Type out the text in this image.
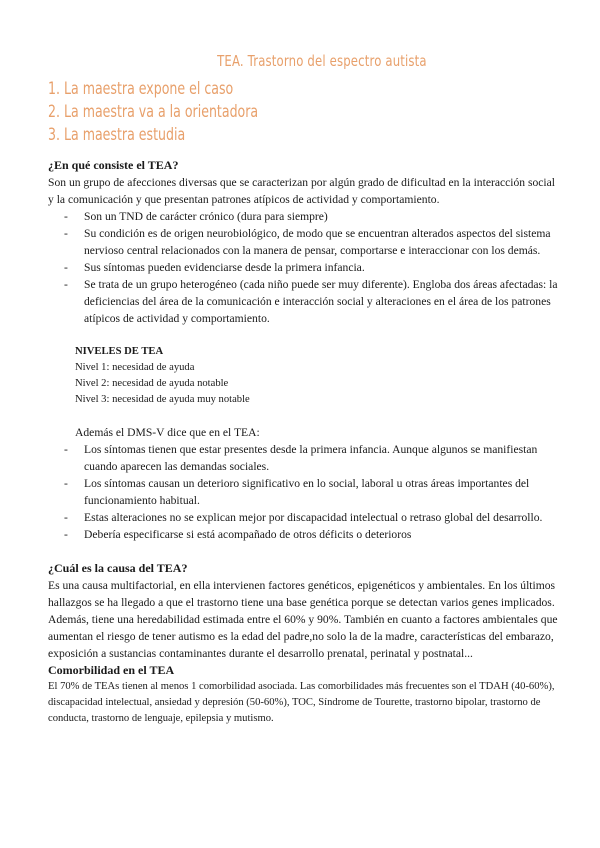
TEA. Trastorno del espectro autista
1. La maestra expone el caso
2. La maestra va a la orientadora
3. La maestra estudia

¿En qué consiste el TEA?

Son un grupo de afecciones diversas que se caracterizan por algún grado de dificultad en la interacción social y la comunicación y que presentan patrones atípicos de actividad y comportamiento.

- Son un TND de carácter crónico (dura para siempre)
- Su condición es de origen neurobiológico, de modo que se encuentran alterados aspectos del sistema nervioso central relacionados con la manera de pensar, comportarse e interaccionar con los demás.
- Sus síntomas pueden evidenciarse desde la primera infancia.
- Se trata de un grupo heterogéneo (cada niño puede ser muy diferente). Engloba dos áreas afectadas: la deficiencias del área de la comunicación e interacción social y alteraciones en el área de los patrones atípicos de actividad y comportamiento.

NIVELES DE TEA

Nivel 1: necesidad de ayuda

Nivel 2: necesidad de ayuda notable

Nivel 3: necesidad de ayuda muy notable

Además el DMS-V dice que en el TEA:

- Los síntomas tienen que estar presentes desde la primera infancia. Aunque algunos se manifiestan cuando aparecen las demandas sociales.
- Los síntomas causan un deterioro significativo en lo social, laboral u otras áreas importantes del funcionamiento habitual.
- Estas alteraciones no se explican mejor por discapacidad intelectual o retraso global del desarrollo.
- Debería especificarse si está acompañado de otros déficits o deterioros

¿Cuál es la causa del TEA?

Es una causa multifactorial, en ella intervienen factores genéticos, epigenéticos y ambientales. En los últimos hallazgos se ha llegado a que el trastorno tiene una base genética porque se detectan varios genes implicados. Además, tiene una heredabilidad estimada entre el 60% y 90%. También en cuanto a factores ambientales que aumentan el riesgo de tener autismo es la edad del padre,no solo la de la madre, características del embarazo, exposición a sustancias contaminantes durante el desarrollo prenatal, perinatal y postnatal...

Comorbilidad en el TEA

El 70% de TEAs tienen al menos 1 comorbilidad asociada. Las comorbilidades más frecuentes son el TDAH (40-60%), discapacidad intelectual, ansiedad y depresión (50-60%), TOC, Síndrome de Tourette, trastorno bipolar, trastorno de conducta, trastorno de lenguaje, epilepsia y mutismo.
